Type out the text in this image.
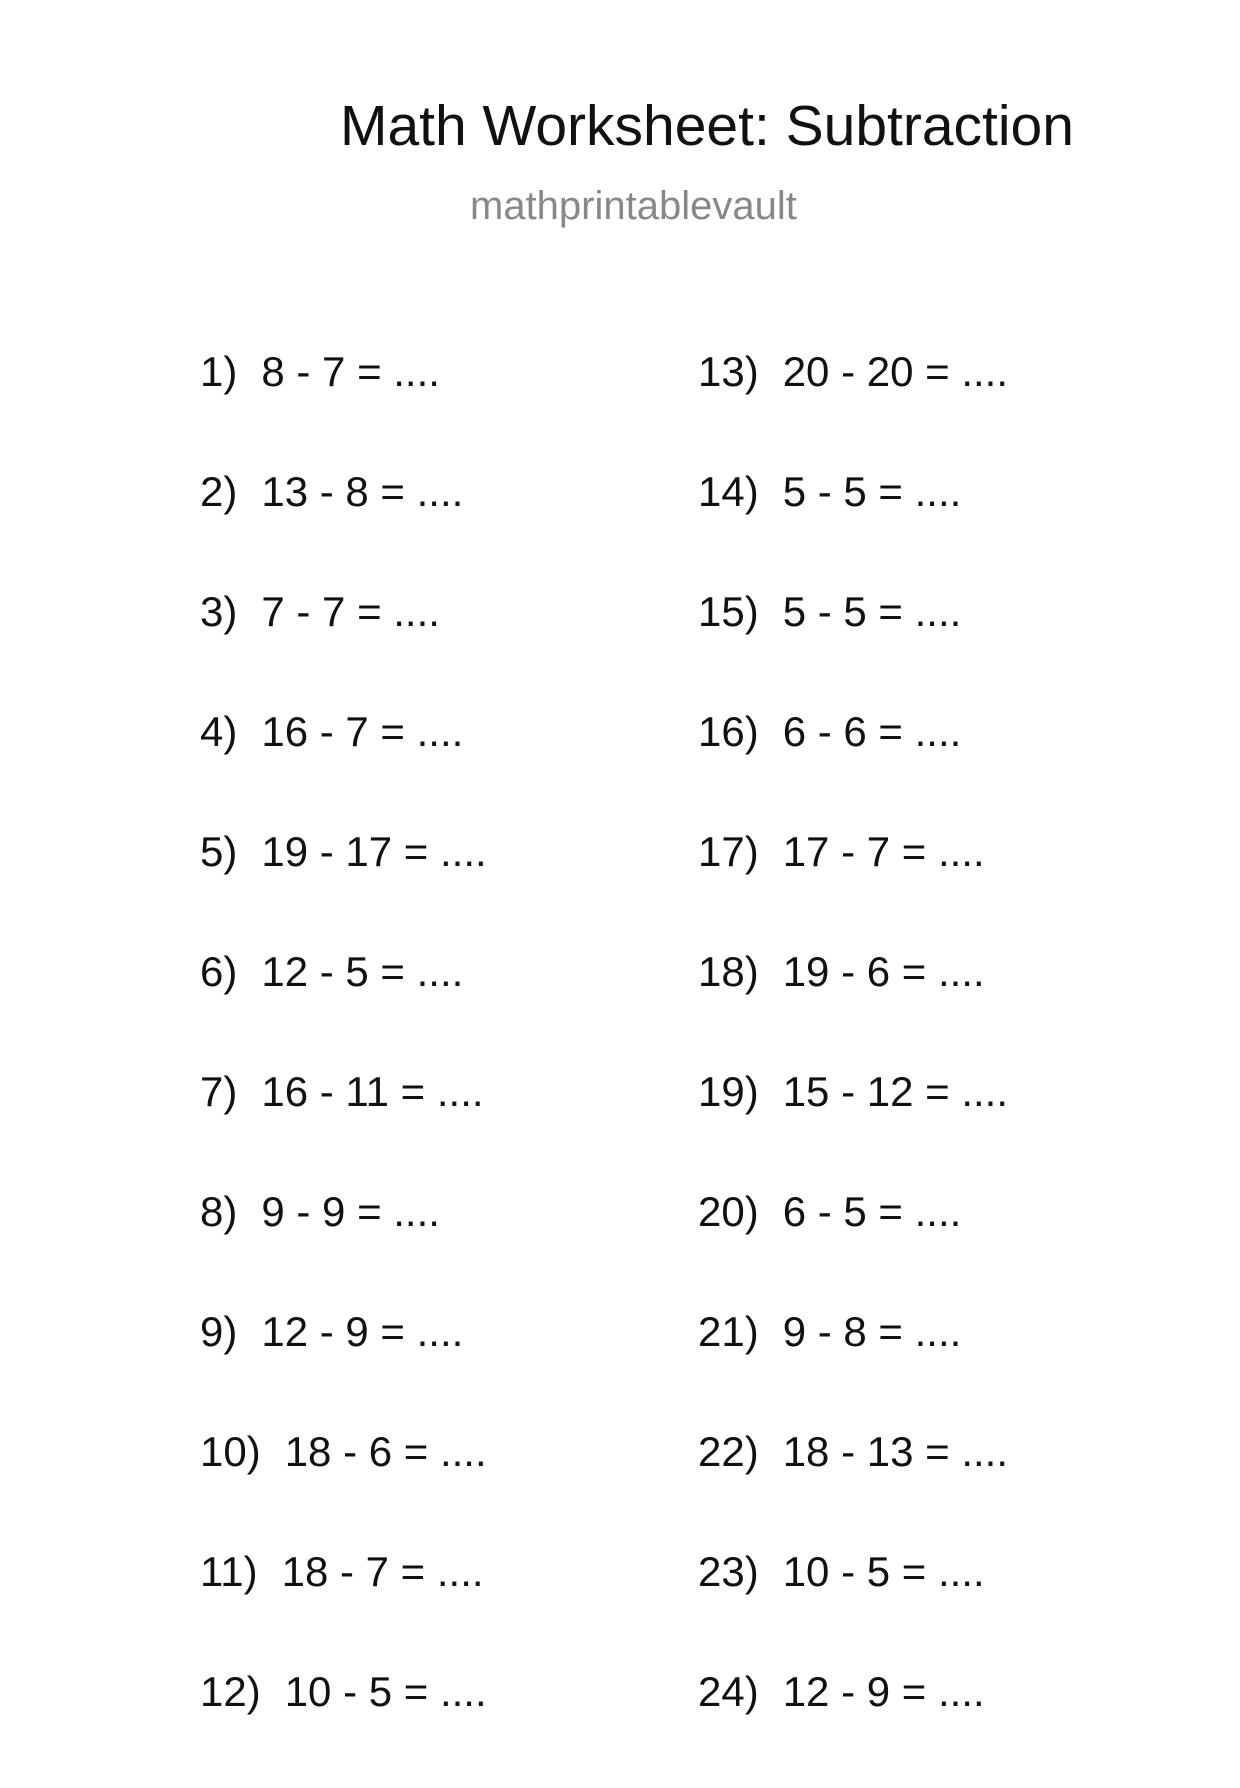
Math Worksheet: Subtraction
mathprintablevault
1) 8 - 7 = ....
2) 13 - 8 = ....
3) 7 - 7 = ....
4) 16 - 7 = ....
5) 19 - 17 = ....
6) 12 - 5 = ....
7) 16 - 11 = ....
8) 9 - 9 = ....
9) 12 - 9 = ....
10) 18 - 6 = ....
11) 18 - 7 = ....
12) 10 - 5 = ....
13) 20 - 20 = ....
14) 5 - 5 = ....
15) 5 - 5 = ....
16) 6 - 6 = ....
17) 17 - 7 = ....
18) 19 - 6 = ....
19) 15 - 12 = ....
20) 6 - 5 = ....
21) 9 - 8 = ....
22) 18 - 13 = ....
23) 10 - 5 = ....
24) 12 - 9 = ....
